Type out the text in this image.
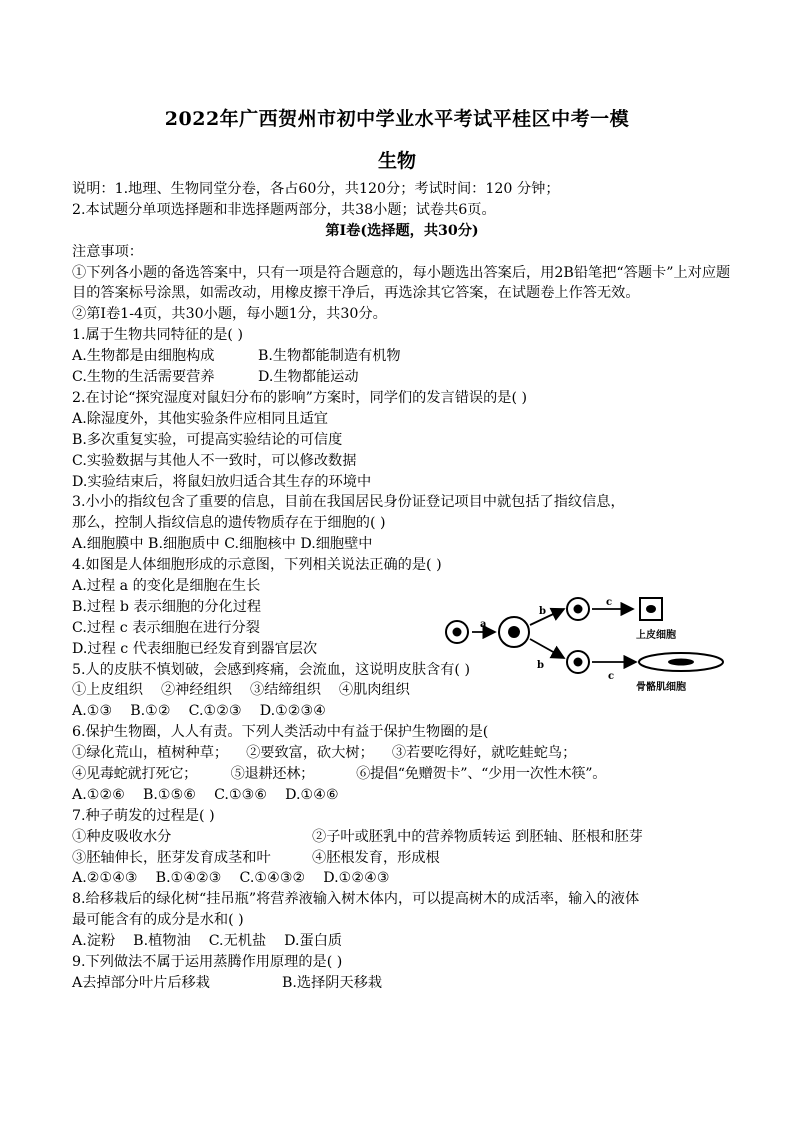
2022年广西贺州市初中学业水平考试平桂区中考一模
生物
说明：1.地理、生物同堂分卷，各占60分，共120分；考试时间：120 分钟；
2.本试题分单项选择题和非选择题两部分，共38小题；试卷共6页。
第Ⅰ卷(选择题，共30分)
注意事项：
①下列各小题的备选答案中，只有一项是符合题意的，每小题选出答案后，用2B铅笔把“答题卡”上对应题目的答案标号涂黑，如需改动，用橡皮擦干净后，再选涂其它答案，在试题卷上作答无效。
②第Ⅰ卷1-4页，共30小题，每小题1分，共30分。
1.属于生物共同特征的是( )
A.生物都是由细胞构成	B.生物都能制造有机物
C.生物的生活需要营养	D.生物都能运动
2.在讨论“探究湿度对鼠妇分布的影响”方案时，同学们的发言错误的是( )
A.除湿度外，其他实验条件应相同且适宜
B.多次重复实验，可提高实验结论的可信度
C.实验数据与其他人不一致时，可以修改数据
D.实验结束后，将鼠妇放归适合其生存的环境中
3.小小的指纹包含了重要的信息，目前在我国居民身份证登记项目中就包括了指纹信息，
那么，控制人指纹信息的遗传物质存在于细胞的( )
A.细胞膜中 B.细胞质中 C.细胞核中 D.细胞壁中
4.如图是人体细胞形成的示意图，下列相关说法正确的是( )
A.过程 a 的变化是细胞在生长
B.过程 b 表示细胞的分化过程
C.过程 c 表示细胞在进行分裂
D.过程 c 代表细胞已经发育到器官层次
5.人的皮肤不慎划破，会感到疼痛，会流血，这说明皮肤含有( )
①上皮组织    ②神经组织    ③结缔组织    ④肌肉组织
A.①③    B.①②    C.①②③    D.①②③④
6.保护生物圈，人人有责。下列人类活动中有益于保护生物圈的是(
①绿化荒山，植树种草；    ②要致富，砍大树；    ③若要吃得好，就吃蛙蛇鸟；
④见毒蛇就打死它；        ⑤退耕还林；          ⑥提倡“免赠贺卡”、“少用一次性木筷”。
A.①②⑥    B.①⑤⑥    C.①③⑥    D.①④⑥
7.种子萌发的过程是( )
①种皮吸收水分	②子叶或胚乳中的营养物质转运 到胚轴、胚根和胚芽
③胚轴伸长，胚芽发育成茎和叶	④胚根发育，形成根
A.②①④③    B.①④②③    C.①④③②    D.①②④③
8.给移栽后的绿化树“挂吊瓶”将营养液输入树木体内，可以提高树木的成活率，输入的液体
最可能含有的成分是水和( )
A.淀粉    B.植物油    C.无机盐    D.蛋白质
9.下列做法不属于运用蒸腾作用原理的是( )
A去掉部分叶片后移栽	B.选择阴天移栽
a
b
b
c
c
上皮细胞
骨骼肌细胞
